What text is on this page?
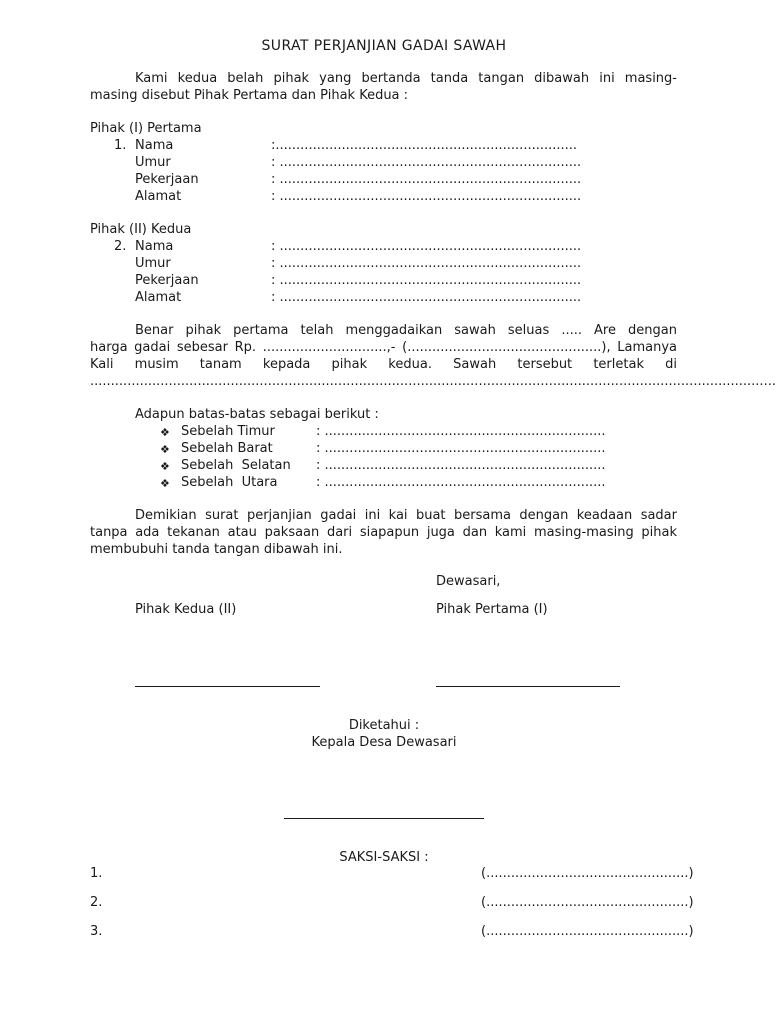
SURAT PERJANJIAN GADAI SAWAH
Kami kedua belah pihak yang bertanda tanda tangan dibawah ini masing-
masing disebut Pihak Pertama dan Pihak Kedua :
Pihak (I) Pertama
1. Nama	:.........................................................................
Umur	: .........................................................................
Pekerjaan	: .........................................................................
Alamat	: .........................................................................
Pihak (II) Kedua
2. Nama	: .........................................................................
Umur	: .........................................................................
Pekerjaan	: .........................................................................
Alamat	: .........................................................................
Benar pihak pertama telah menggadaikan sawah seluas ..... Are dengan
harga gadai sebesar Rp. ..............................,- (...............................................), Lamanya
Kali musim tanam kepada pihak kedua. Sawah tersebut terletak di
......................................................................................................................................................................
Adapun batas-batas sebagai berikut :
❖ Sebelah Timur	: ....................................................................
❖ Sebelah Barat	: ....................................................................
❖ Sebelah  Selatan : ....................................................................
❖ Sebelah  Utara	: ....................................................................
Demikian surat perjanjian gadai ini kai buat bersama dengan keadaan sadar
tanpa ada tekanan atau paksaan dari siapapun juga dan kami masing-masing pihak
membubuhi tanda tangan dibawah ini.
Dewasari,
Pihak Kedua (II)	Pihak Pertama (I)
Diketahui :
Kepala Desa Dewasari
SAKSI-SAKSI :
1.	(.................................................)
2.	(.................................................)
3.	(.................................................)
